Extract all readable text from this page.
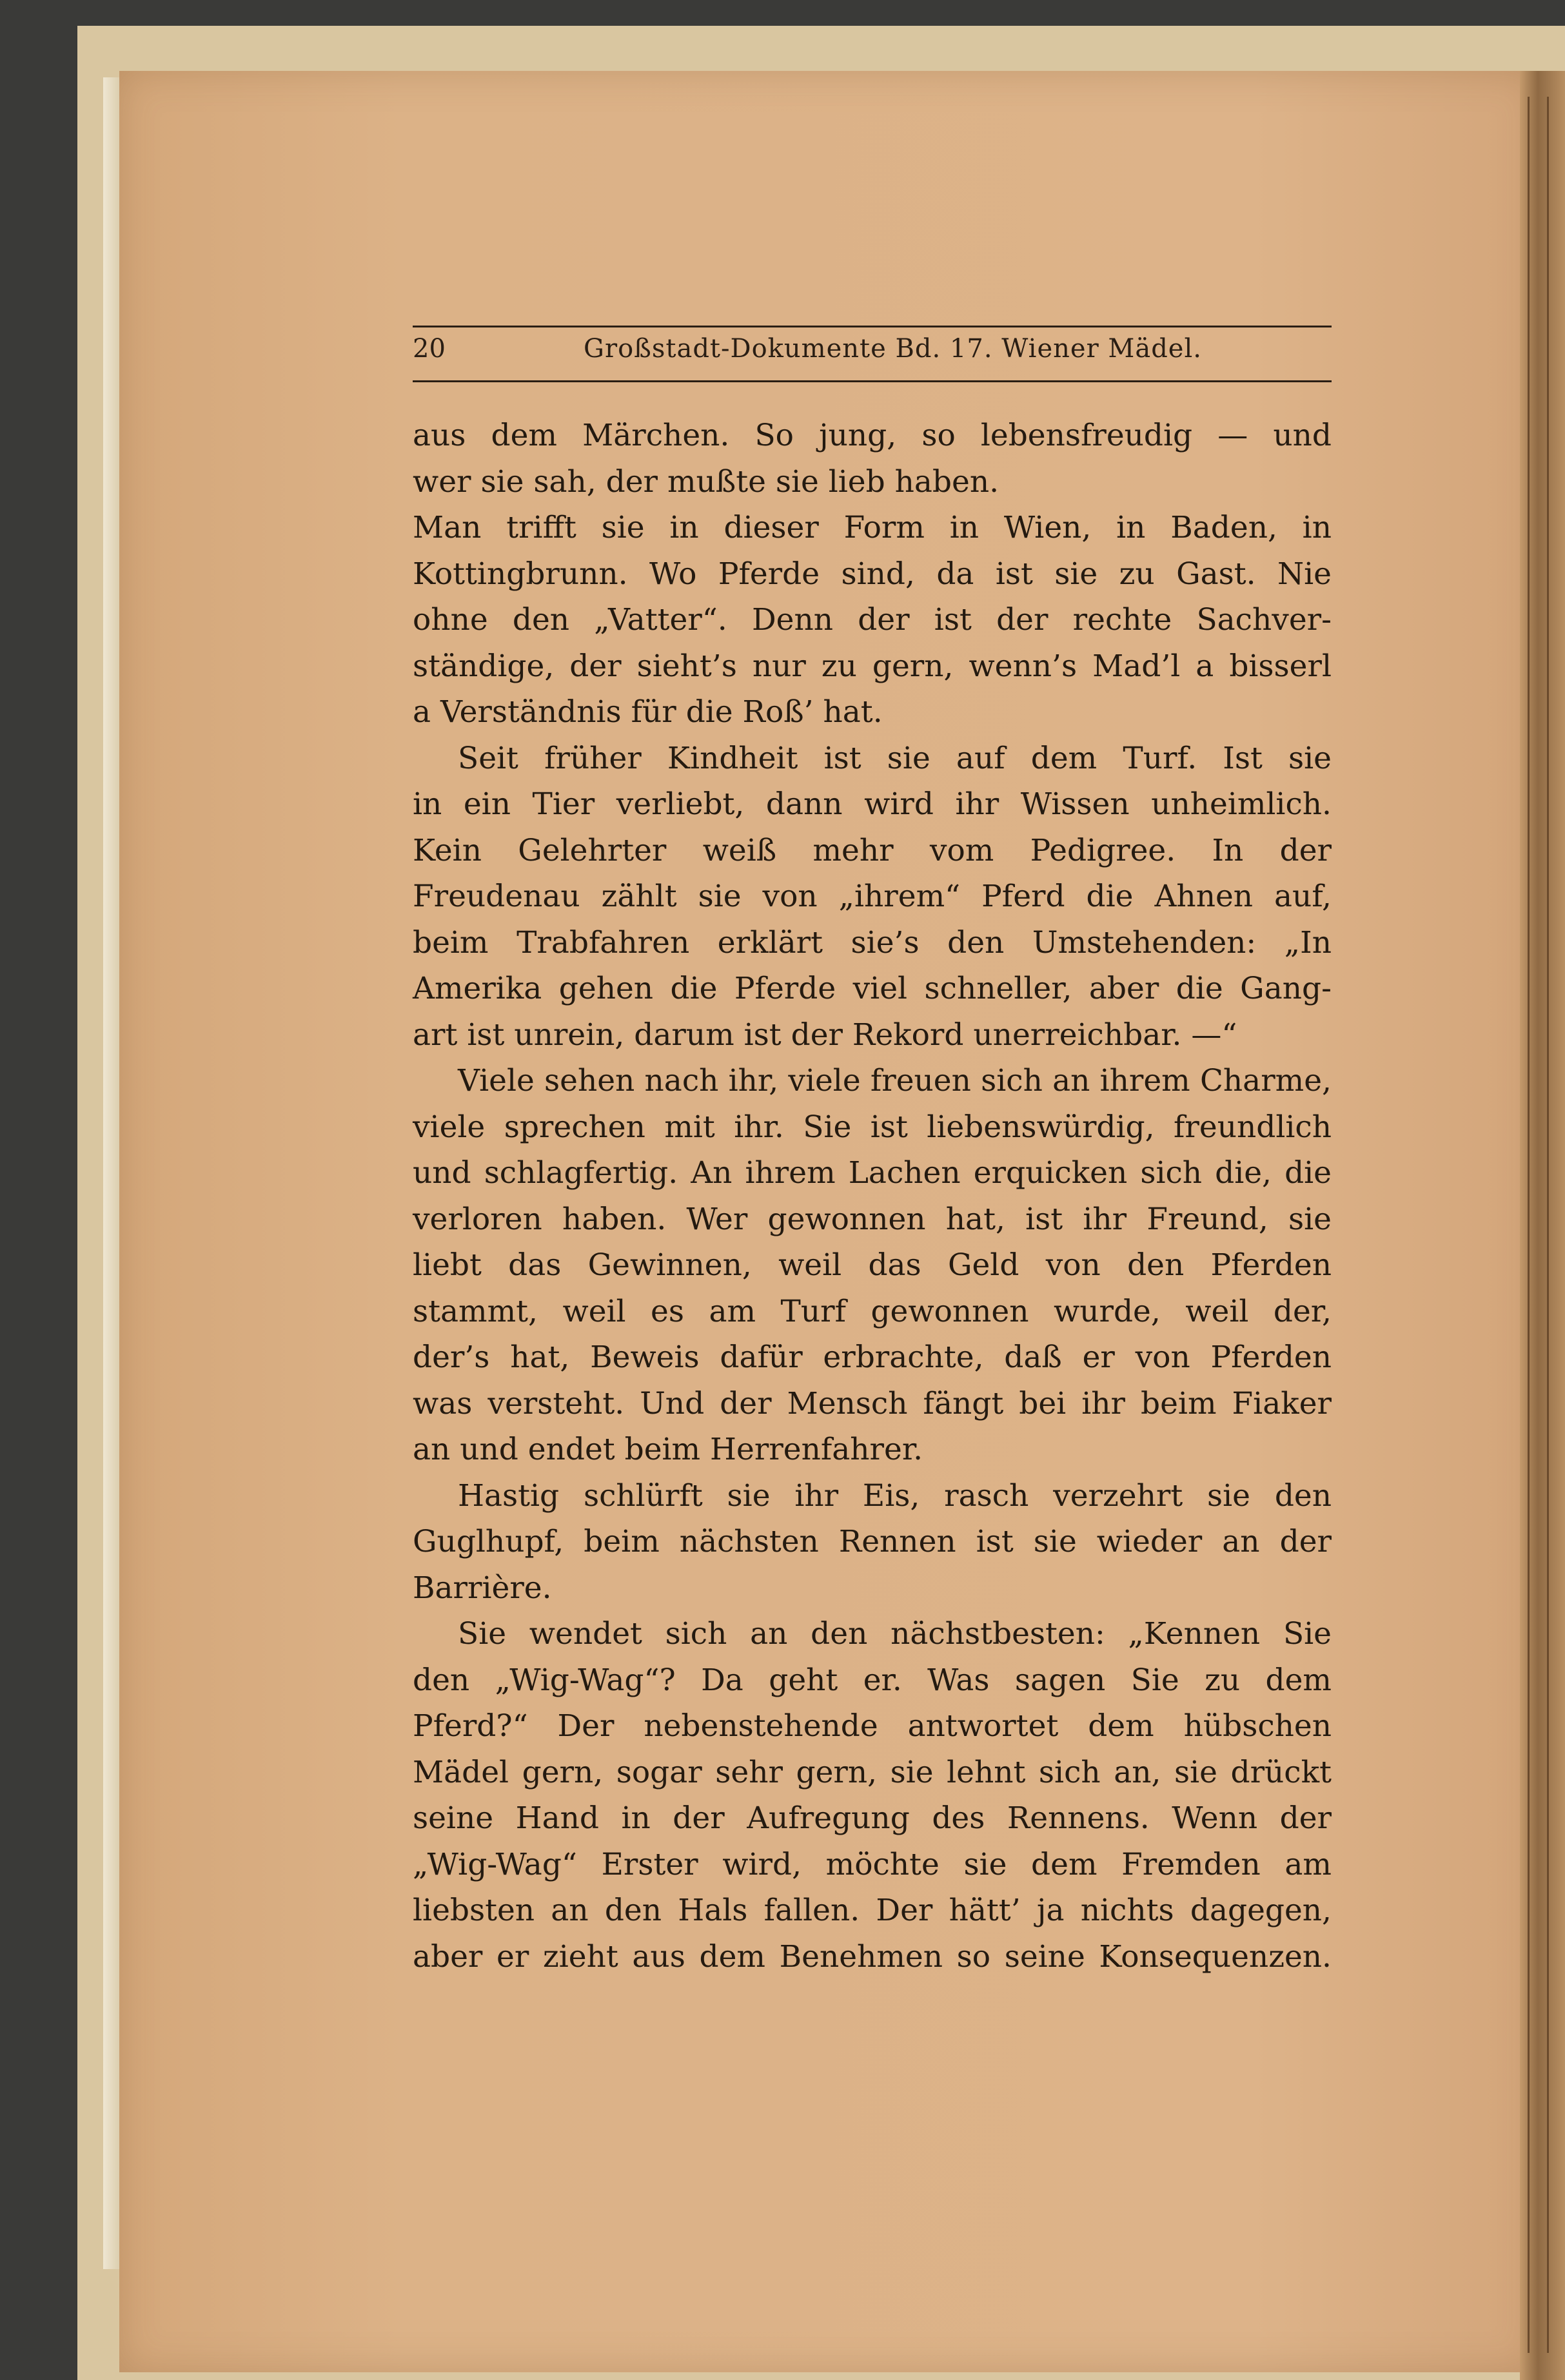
20	Großstadt-Dokumente Bd. 17. Wiener Mädel.
aus dem Märchen. So jung, so lebensfreudig — und
wer sie sah, der mußte sie lieb haben.
Man trifft sie in dieser Form in Wien, in Baden, in
Kottingbrunn. Wo Pferde sind, da ist sie zu Gast. Nie
ohne den „Vatter“. Denn der ist der rechte Sachver-
ständige, der sieht’s nur zu gern, wenn’s Mad’l a bisserl
a Verständnis für die Roß’ hat.
Seit früher Kindheit ist sie auf dem Turf. Ist sie
in ein Tier verliebt, dann wird ihr Wissen unheimlich.
Kein Gelehrter weiß mehr vom Pedigree. In der
Freudenau zählt sie von „ihrem“ Pferd die Ahnen auf,
beim Trabfahren erklärt sie’s den Umstehenden: „In
Amerika gehen die Pferde viel schneller, aber die Gang-
art ist unrein, darum ist der Rekord unerreichbar. —“
Viele sehen nach ihr, viele freuen sich an ihrem Charme,
viele sprechen mit ihr. Sie ist liebenswürdig, freundlich
und schlagfertig. An ihrem Lachen erquicken sich die, die
verloren haben. Wer gewonnen hat, ist ihr Freund, sie
liebt das Gewinnen, weil das Geld von den Pferden
stammt, weil es am Turf gewonnen wurde, weil der,
der’s hat, Beweis dafür erbrachte, daß er von Pferden
was versteht. Und der Mensch fängt bei ihr beim Fiaker
an und endet beim Herrenfahrer.
Hastig schlürft sie ihr Eis, rasch verzehrt sie den
Guglhupf, beim nächsten Rennen ist sie wieder an der
Barrière.
Sie wendet sich an den nächstbesten: „Kennen Sie
den „Wig-Wag“? Da geht er. Was sagen Sie zu dem
Pferd?“ Der nebenstehende antwortet dem hübschen
Mädel gern, sogar sehr gern, sie lehnt sich an, sie drückt
seine Hand in der Aufregung des Rennens. Wenn der
„Wig-Wag“ Erster wird, möchte sie dem Fremden am
liebsten an den Hals fallen. Der hätt’ ja nichts dagegen,
aber er zieht aus dem Benehmen so seine Konsequenzen.
